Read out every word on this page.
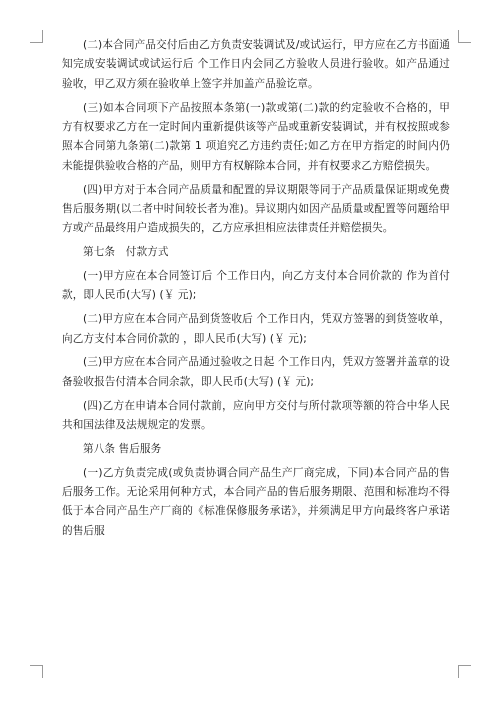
(二)本合同产品交付后由乙方负责安装调试及/或试运行，甲方应在乙方书面通知完成安装调试或试运行后 个工作日内会同乙方验收人员进行验收。如产品通过验收，甲乙双方须在验收单上签字并加盖产品验讫章。

(三)如本合同项下产品按照本条第(一)款或第(二)款的约定验收不合格的，甲方有权要求乙方在一定时间内重新提供该等产品或重新安装调试，并有权按照或参照本合同第九条第(二)款第 1 项追究乙方违约责任;如乙方在甲方指定的时间内仍未能提供验收合格的产品，则甲方有权解除本合同，并有权要求乙方赔偿损失。

(四)甲方对于本合同产品质量和配置的异议期限等同于产品质量保证期或免费售后服务期(以二者中时间较长者为准)。异议期内如因产品质量或配置等问题给甲方或产品最终用户造成损失的，乙方应承担相应法律责任并赔偿损失。

第七条　付款方式

(一)甲方应在本合同签订后 个工作日内，向乙方支付本合同价款的 作为首付款，即人民币(大写) (￥ 元);

(二)甲方应在本合同产品到货签收后 个工作日内，凭双方签署的到货签收单，向乙方支付本合同价款的 ，即人民币(大写) (￥ 元);

(三)甲方应在本合同产品通过验收之日起 个工作日内，凭双方签署并盖章的设备验收报告付清本合同余款，即人民币(大写) (￥ 元);

(四)乙方在申请本合同付款前，应向甲方交付与所付款项等额的符合中华人民共和国法律及法规规定的发票。

第八条 售后服务

(一)乙方负责完成(或负责协调合同产品生产厂商完成，下同)本合同产品的售后服务工作。无论采用何种方式，本合同产品的售后服务期限、范围和标准均不得低于本合同产品生产厂商的《标准保修服务承诺》，并须满足甲方向最终客户承诺的售后服
